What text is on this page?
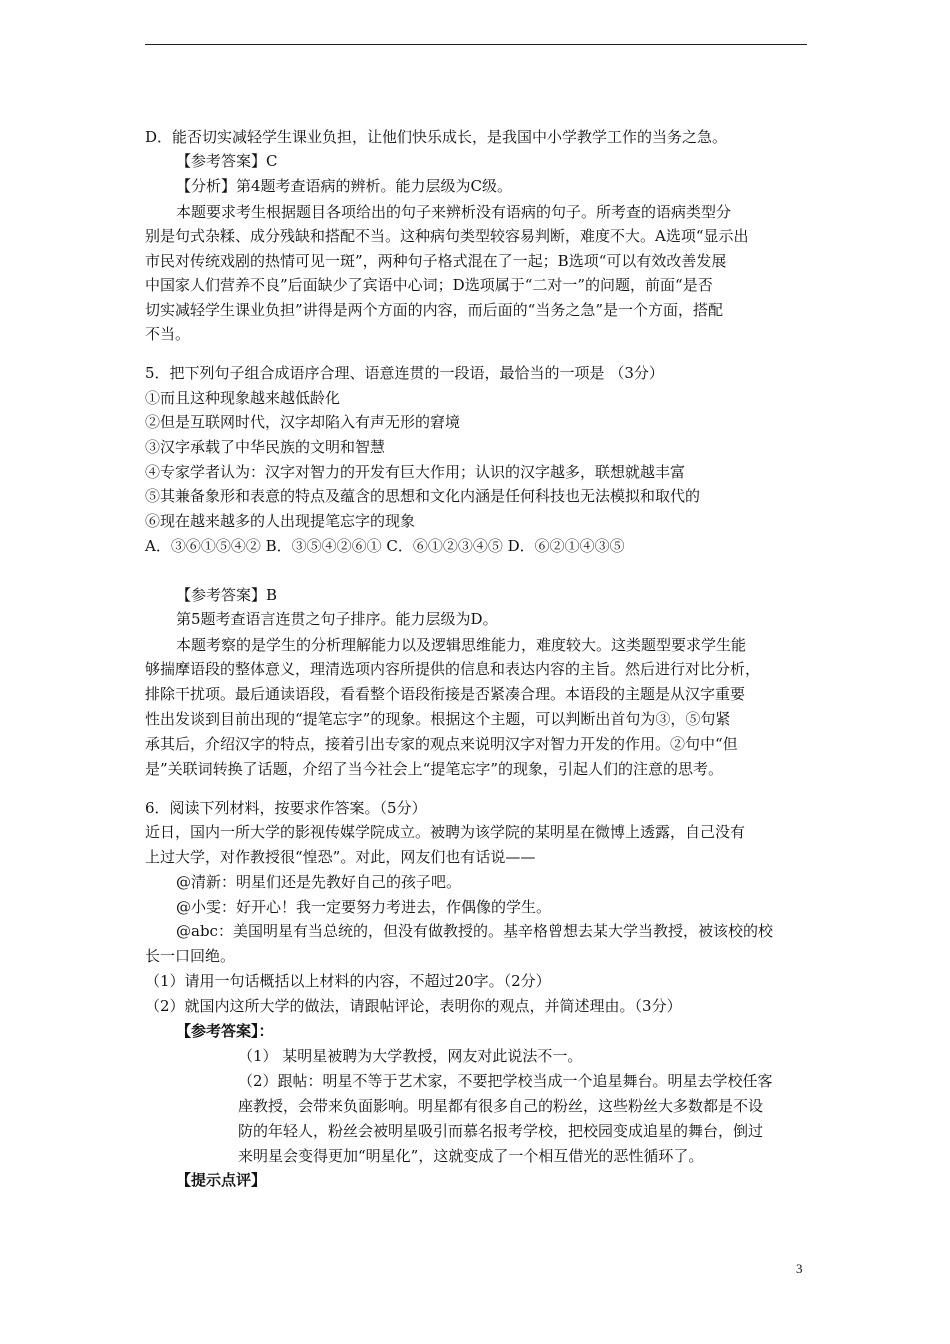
D．能否切实减轻学生课业负担，让他们快乐成长，是我国中小学教学工作的当务之急。
【参考答案】C
【分析】第4题考查语病的辨析。能力层级为C级。
本题要求考生根据题目各项给出的句子来辨析没有语病的句子。所考查的语病类型分
别是句式杂糅、成分残缺和搭配不当。这种病句类型较容易判断，难度不大。A选项“显示出
市民对传统戏剧的热情可见一斑”，两种句子格式混在了一起；B选项“可以有效改善发展
中国家人们营养不良”后面缺少了宾语中心词；D选项属于“二对一”的问题，前面“是否
切实减轻学生课业负担”讲得是两个方面的内容，而后面的“当务之急”是一个方面，搭配
不当。
5．把下列句子组合成语序合理、语意连贯的一段语，最恰当的一项是 （3分）
①而且这种现象越来越低龄化
②但是互联网时代，汉字却陷入有声无形的窘境
③汉字承载了中华民族的文明和智慧
④专家学者认为：汉字对智力的开发有巨大作用；认识的汉字越多，联想就越丰富
⑤其兼备象形和表意的特点及蕴含的思想和文化内涵是任何科技也无法模拟和取代的
⑥现在越来越多的人出现提笔忘字的现象
A．③⑥①⑤④② B．③⑤④②⑥① C．⑥①②③④⑤ D．⑥②①④③⑤
【参考答案】B
第5题考查语言连贯之句子排序。能力层级为D。
本题考察的是学生的分析理解能力以及逻辑思维能力，难度较大。这类题型要求学生能
够揣摩语段的整体意义，理清选项内容所提供的信息和表达内容的主旨。然后进行对比分析，
排除干扰项。最后通读语段，看看整个语段衔接是否紧凑合理。本语段的主题是从汉字重要
性出发谈到目前出现的“提笔忘字”的现象。根据这个主题，可以判断出首句为③，⑤句紧
承其后，介绍汉字的特点，接着引出专家的观点来说明汉字对智力开发的作用。②句中“但
是”关联词转换了话题，介绍了当今社会上“提笔忘字”的现象，引起人们的注意的思考。
6．阅读下列材料，按要求作答案。（5分）
近日，国内一所大学的影视传媒学院成立。被聘为该学院的某明星在微博上透露，自己没有
上过大学，对作教授很“惶恐”。对此，网友们也有话说——
@清新：明星们还是先教好自己的孩子吧。
@小雯：好开心！我一定要努力考进去，作偶像的学生。
@abc：美国明星有当总统的，但没有做教授的。基辛格曾想去某大学当教授，被该校的校
长一口回绝。
（1）请用一句话概括以上材料的内容，不超过20字。（2分）
（2）就国内这所大学的做法，请跟帖评论，表明你的观点，并简述理由。（3分）
【参考答案】：
（1） 某明星被聘为大学教授，网友对此说法不一。
（2）跟帖：明星不等于艺术家，不要把学校当成一个追星舞台。明星去学校任客
座教授，会带来负面影响。明星都有很多自己的粉丝，这些粉丝大多数都是不设
防的年轻人，粉丝会被明星吸引而慕名报考学校，把校园变成追星的舞台，倒过
来明星会变得更加“明星化”，这就变成了一个相互借光的恶性循环了。
【提示点评】
3
